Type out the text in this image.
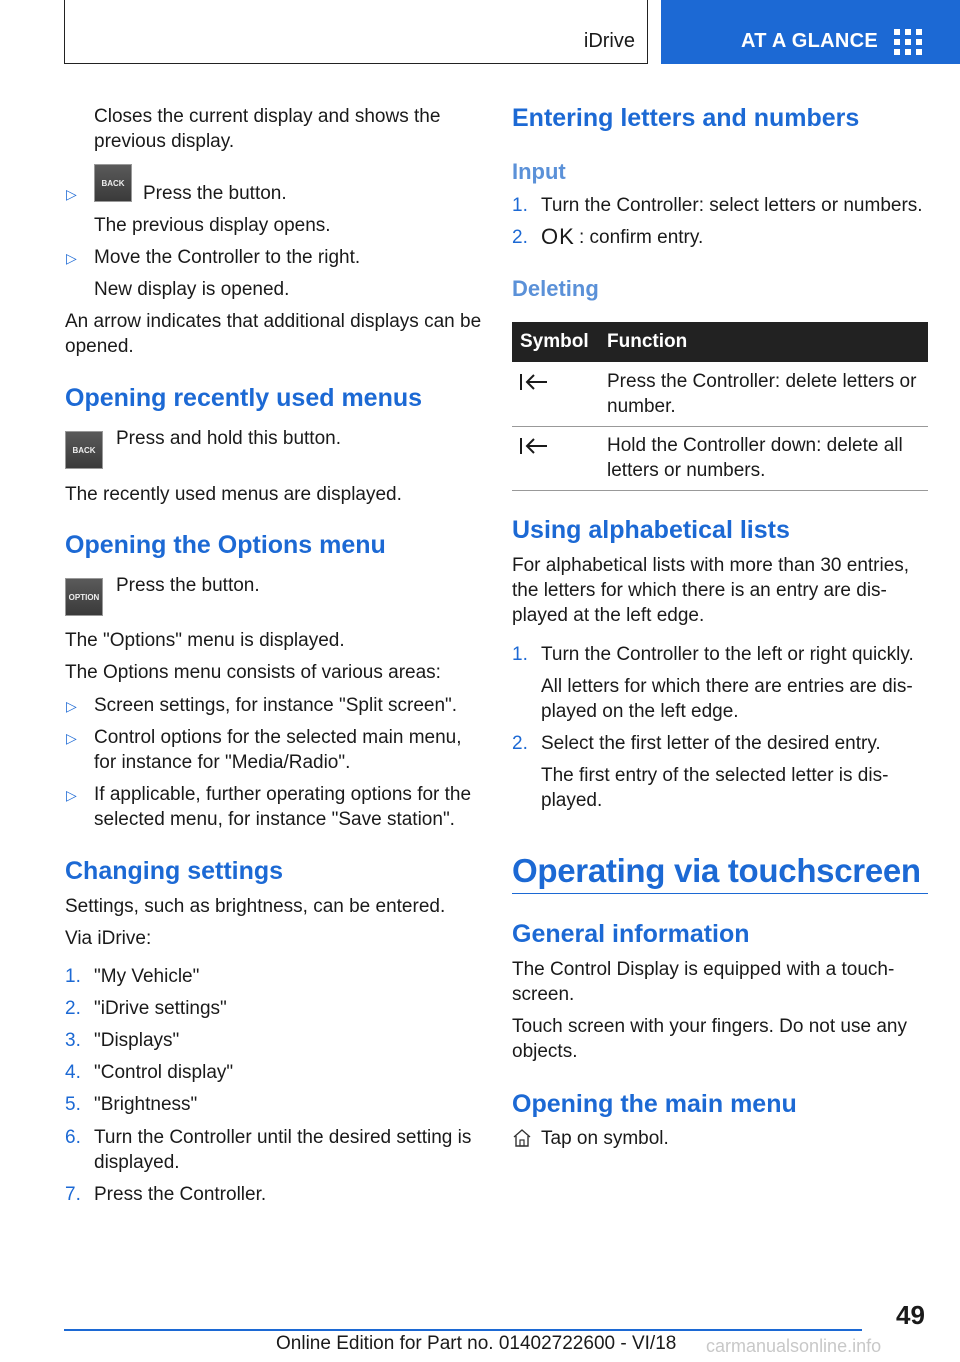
iDrive	AT A GLANCE

Closes the current display and shows the previous display.

▷
BACK Press the button.

The previous display opens.

▷ Move the Controller to the right.

New display is opened.

An arrow indicates that additional displays can be opened.

Opening recently used menus
BACK

Press and hold this button.

The recently used menus are displayed.

Opening the Options menu
OPTION

Press the button.

The "Options" menu is displayed.

The Options menu consists of various areas:

▷ Screen settings, for instance "Split screen".

▷ Control options for the selected main menu, for instance for "Media/Radio".

▷ If applicable, further operating options for the selected menu, for instance "Save station".

Changing settings

Settings, such as brightness, can be entered.

Via iDrive:

1. "My Vehicle"

2. "iDrive settings"

3. "Displays"

4. "Control display"

5. "Brightness"

6. Turn the Controller until the desired setting is displayed.

7. Press the Controller.

Entering letters and numbers
Input
1. Turn the Controller: select letters or numbers.

2. OK : confirm entry.

Deleting
Symbol Function

Press the Controller: delete letters or number.

Hold the Controller down: delete all letters or numbers.

Using alphabetical lists

For alphabetical lists with more than 30 entries, the letters for which there is an entry are dis-played at the left edge.

1. Turn the Controller to the left or right quickly.

All letters for which there are entries are dis-played on the left edge.

2. Select the first letter of the desired entry.

The first entry of the selected letter is dis-played.

Operating via touchscreen
General information

The Control Display is equipped with a touch-screen.

Touch screen with your fingers. Do not use any objects.

Opening the main menu

Tap on symbol.

49
Online Edition for Part no. 01402722600 - VI/18 carmanualsonline.info
